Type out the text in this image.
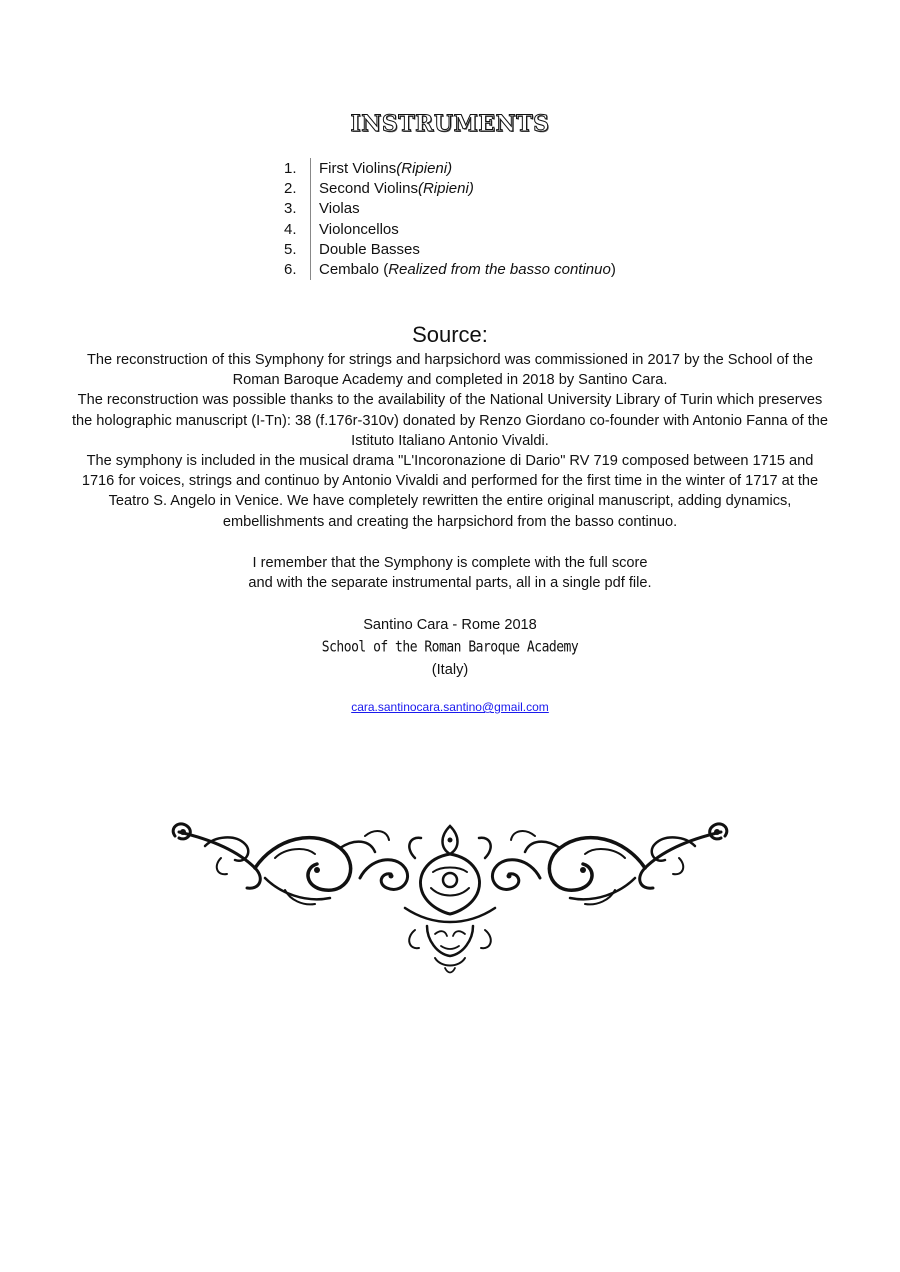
INSTRUMENTS
1.	First Violins (Ripieni)
2.	Second Violins (Ripieni)
3.	Violas
4.	Violoncellos
5.	Double Basses
6.	Cembalo ( Realized from the basso continuo )
Source:

The reconstruction of this Symphony for strings and harpsichord was commissioned in 2017 by the School of the Roman Baroque Academy and completed in 2018 by Santino Cara.

The reconstruction was possible thanks to the availability of the National University Library of Turin which preserves the holographic manuscript (I-Tn): 38 (f.176r-310v) donated by Renzo Giordano co-founder with Antonio Fanna of the Istituto Italiano Antonio Vivaldi.

The symphony is included in the musical drama "L'Incoronazione di Dario" RV 719 composed between 1715 and 1716 for voices, strings and continuo by Antonio Vivaldi and performed for the first time in the winter of 1717 at the Teatro S. Angelo in Venice. We have completely rewritten the entire original manuscript, adding dynamics, embellishments and creating the harpsichord from the basso continuo.

I remember that the Symphony is complete with the full score

and with the separate instrumental parts, all in a single pdf file.

Santino Cara - Rome 2018
School of the Roman Baroque Academy
(Italy)
cara.santinocara.santino@gmail.com
